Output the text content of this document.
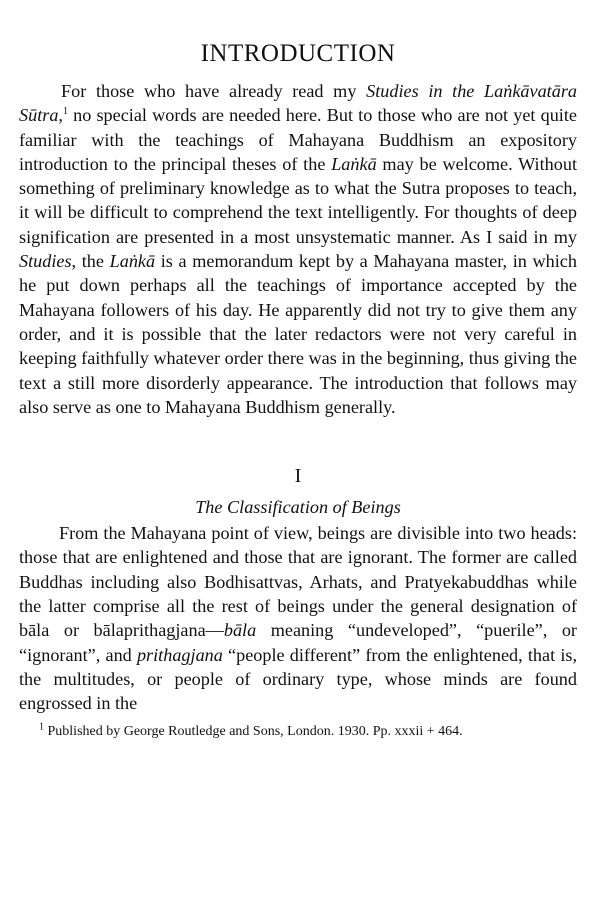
INTRODUCTION

For those who have already read my Studies in the Laṅkāvatāra Sūtra,$^1$ no special words are needed here. But to those who are not yet quite familiar with the teachings of Mahayana Buddhism an expository introduction to the principal theses of the Laṅkā may be welcome. Without something of preliminary knowledge as to what the Sutra proposes to teach, it will be difficult to comprehend the text intelligently. For thoughts of deep signification are presented in a most unsystematic manner. As I said in my Studies, the Laṅkā is a memorandum kept by a Mahayana master, in which he put down perhaps all the teachings of importance accepted by the Mahayana followers of his day. He apparently did not try to give them any order, and it is possible that the later redactors were not very careful in keeping faithfully whatever order there was in the beginning, thus giving the text a still more disorderly appearance. The introduction that follows may also serve as one to Mahayana Buddhism generally.

I
The Classification of Beings

From the Mahayana point of view, beings are divisible into two heads: those that are enlightened and those that are ignorant. The former are called Buddhas including also Bodhisattvas, Arhats, and Pratyekabuddhas while the latter comprise all the rest of beings under the general designation of bāla or bālaprithagjana—bāla meaning “undeveloped”, “puerile”, or “ignorant”, and prithagjana “people different” from the enlightened, that is, the multitudes, or people of ordinary type, whose minds are found engrossed in the

$^1$ Published by George Routledge and Sons, London. 1930. Pp. xxxii + 464.
